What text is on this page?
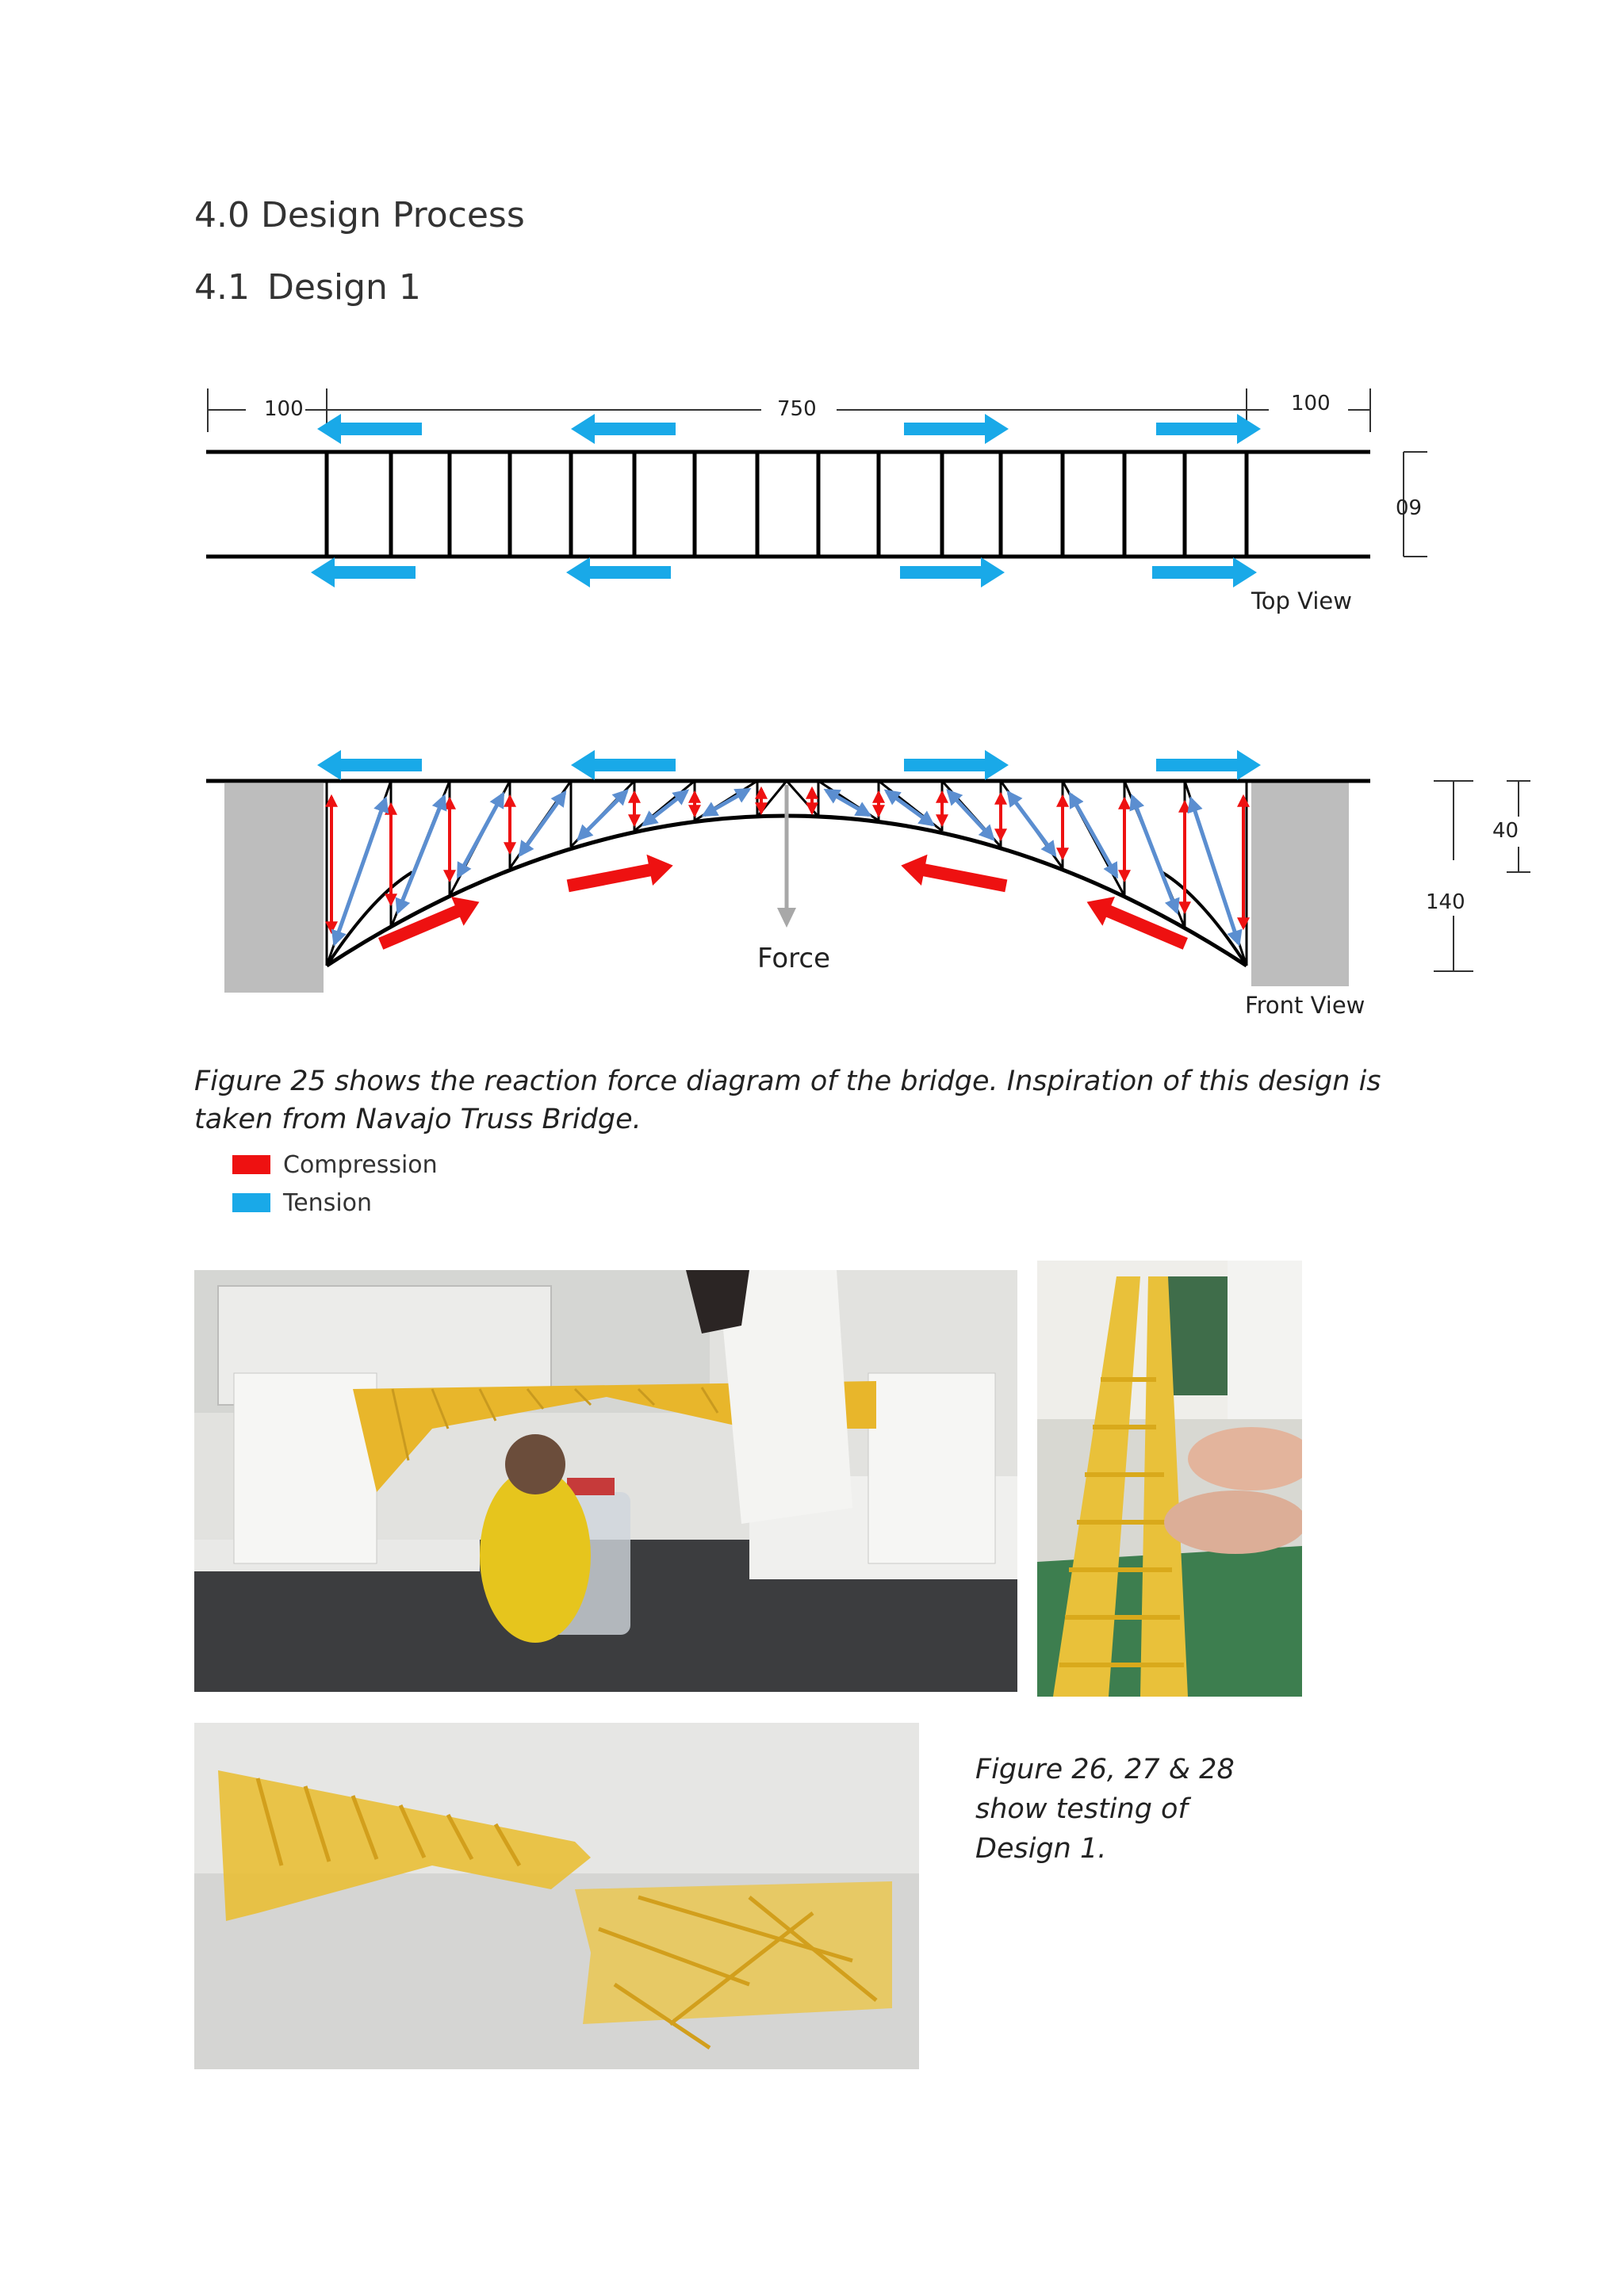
4.0 Design Process
4.1 Design 1
100	750	100
60
Top View
Force
Front View
40
140

Figure 25 shows the reaction force diagram of the bridge. Inspiration of this design is taken from Navajo Truss Bridge.

Compression
Tension
Figure 26, 27 & 28
show testing of
Design 1.
